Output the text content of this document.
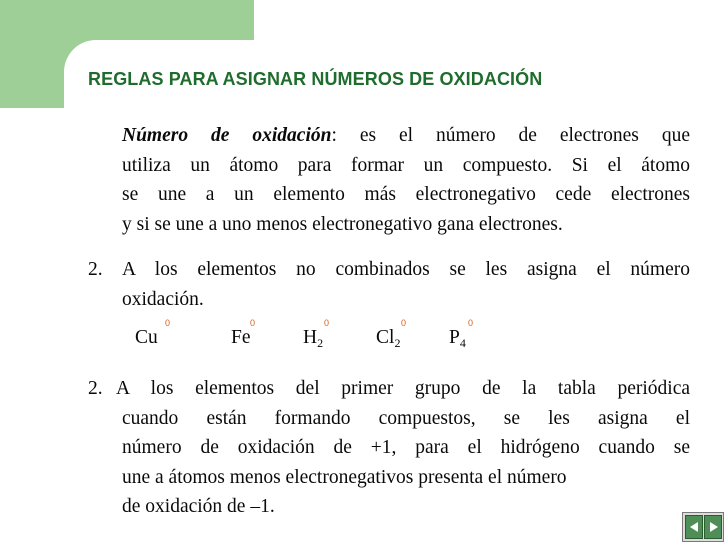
REGLAS PARA ASIGNAR NÚMEROS DE OXIDACIÓN
Número de oxidación: es el número de electrones que
utiliza un átomo para formar un compuesto. Si el átomo
se une a un elemento más electronegativo cede electrones
y si se une a uno menos electronegativo gana electrones.
2. A los elementos no combinados se les asigna el número
oxidación.
Cu
0
Fe
0
$H_2$
0
$Cl_2$
0
$P_4$
0
2. A los elementos del primer grupo de la tabla periódica
cuando están formando compuestos, se les asigna el
número de oxidación de +1, para el hidrógeno cuando se
une a átomos menos electronegativos presenta el número
de oxidación de –1.
